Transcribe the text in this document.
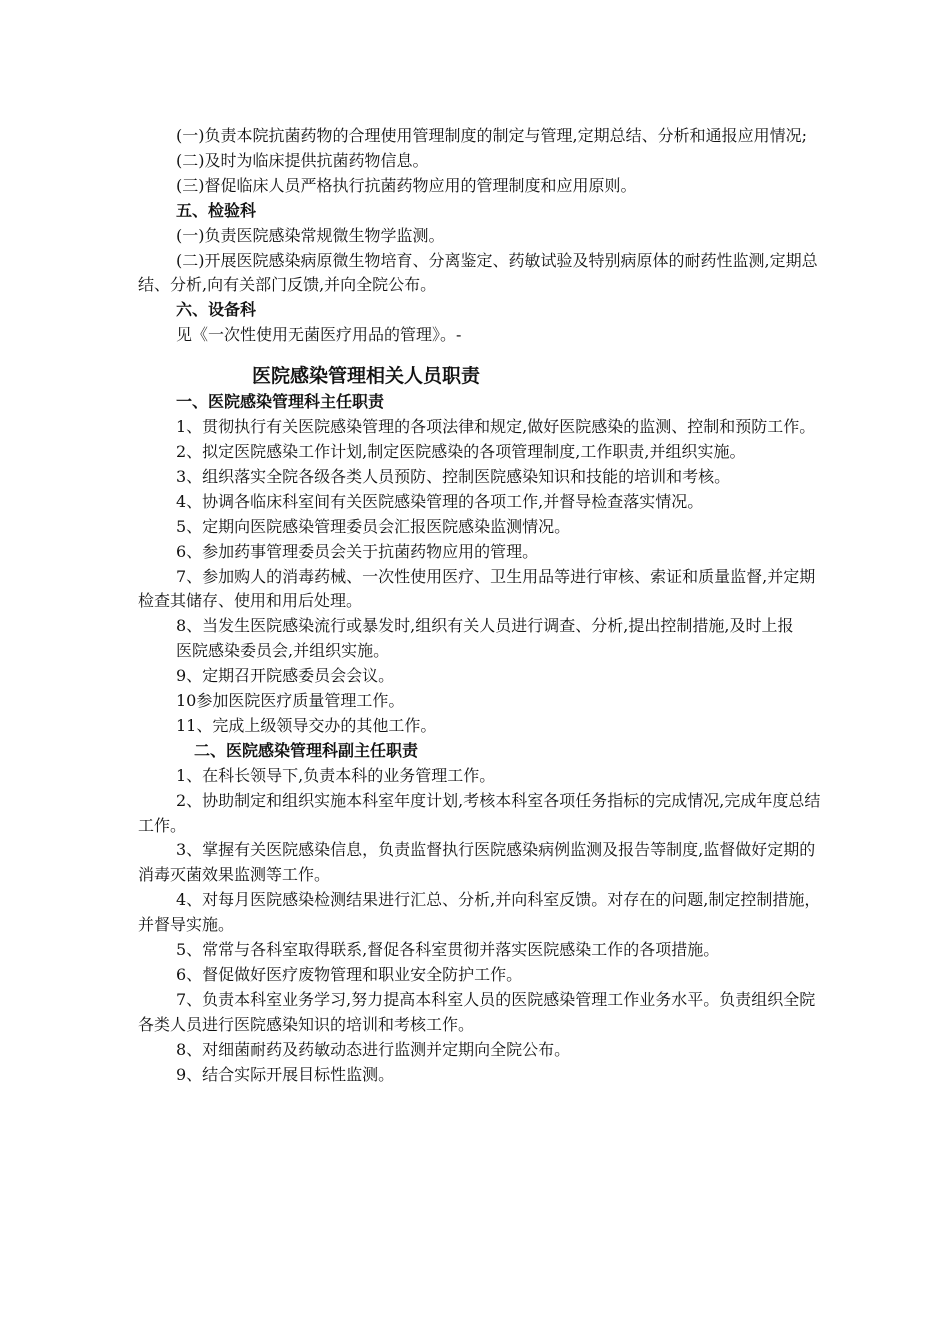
(一)负责本院抗菌药物的合理使用管理制度的制定与管理,定期总结、分析和通报应用情况;

(二)及时为临床提供抗菌药物信息。

(三)督促临床人员严格执行抗菌药物应用的管理制度和应用原则。

五、检验科

(一)负责医院感染常规微生物学监测。

(二)开展医院感染病原微生物培育、分离鉴定、药敏试验及特别病原体的耐药性监测,定期总结、分析,向有关部门反馈,并向全院公布。

六、设备科

见《一次性使用无菌医疗用品的管理》。-

医院感染管理相关人员职责

一、医院感染管理科主任职责

1、贯彻执行有关医院感染管理的各项法律和规定,做好医院感染的监测、控制和预防工作。

2、拟定医院感染工作计划,制定医院感染的各项管理制度,工作职责,并组织实施。

3、组织落实全院各级各类人员预防、控制医院感染知识和技能的培训和考核。

4、协调各临床科室间有关医院感染管理的各项工作,并督导检查落实情况。

5、定期向医院感染管理委员会汇报医院感染监测情况。

6、参加药事管理委员会关于抗菌药物应用的管理。

7、参加购人的消毒药械、一次性使用医疗、卫生用品等进行审核、索证和质量监督,并定期检查其储存、使用和用后处理。

8、当发生医院感染流行或暴发时,组织有关人员进行调查、分析,提出控制措施,及时上报

医院感染委员会,并组织实施。

9、定期召开院感委员会会议。

10参加医院医疗质量管理工作。

11、完成上级领导交办的其他工作。

二、医院感染管理科副主任职责

1、在科长领导下,负责本科的业务管理工作。

2、协助制定和组织实施本科室年度计划,考核本科室各项任务指标的完成情况,完成年度总结工作。

3、掌握有关医院感染信息，负责监督执行医院感染病例监测及报告等制度,监督做好定期的消毒灭菌效果监测等工作。

4、对每月医院感染检测结果进行汇总、分析,并向科室反馈。对存在的问题,制定控制措施，并督导实施。

5、常常与各科室取得联系,督促各科室贯彻并落实医院感染工作的各项措施。

6、督促做好医疗废物管理和职业安全防护工作。

7、负责本科室业务学习,努力提高本科室人员的医院感染管理工作业务水平。负责组织全院各类人员进行医院感染知识的培训和考核工作。

8、对细菌耐药及药敏动态进行监测并定期向全院公布。

9、结合实际开展目标性监测。
